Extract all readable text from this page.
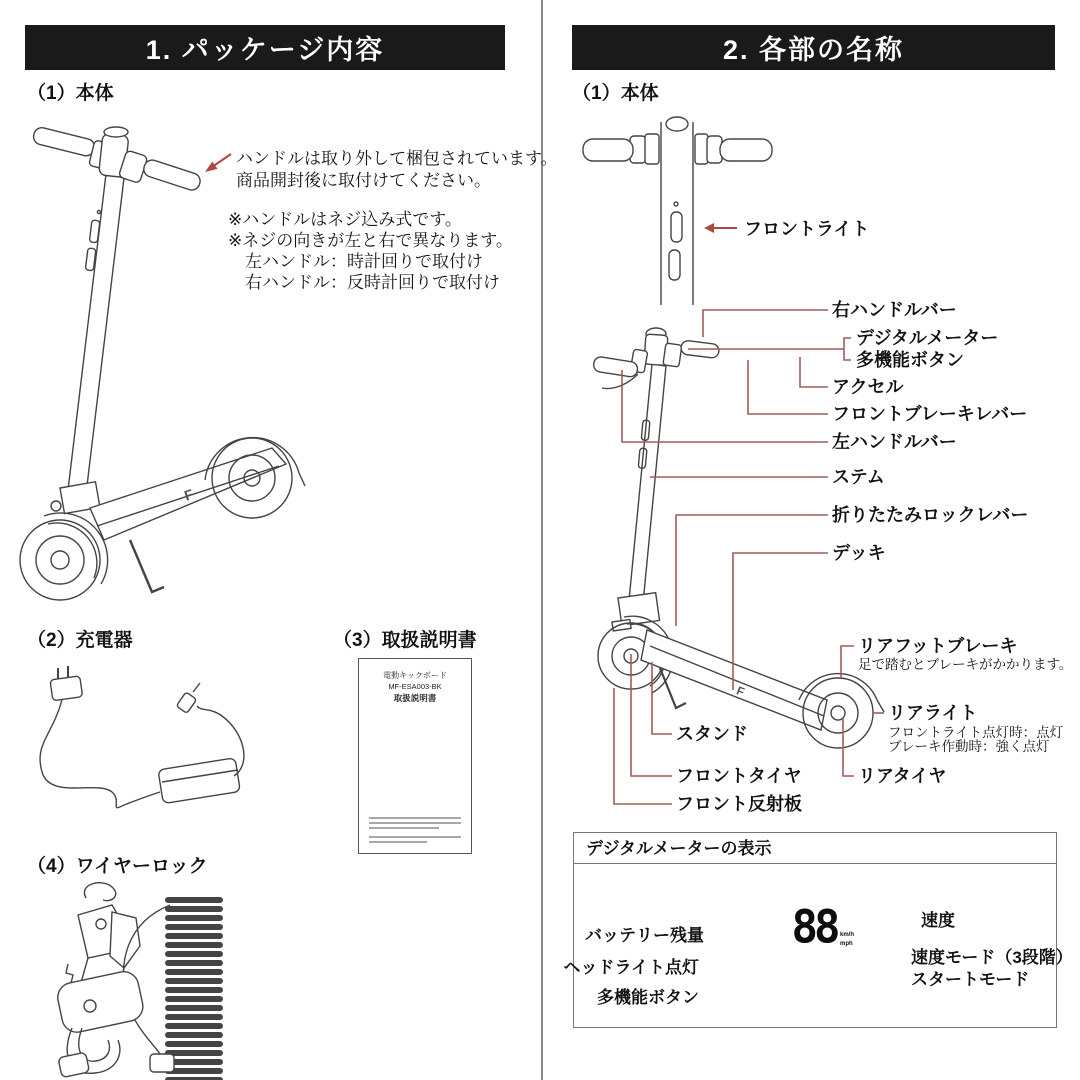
F
F
1. パッケージ内容
（1）本体
ハンドルは取り外して梱包されています。
商品開封後に取付けてください。
※ハンドルはネジ込み式です。
※ネジの向きが左と右で異なります。
左ハンドル：時計回りで取付け
右ハンドル：反時計回りで取付け
（2）充電器	（3）取扱説明書
（4）ワイヤーロック
電動キックボード
MF-ESA003-BK
取扱説明書
2. 各部の名称
（1）本体
フロントライト
右ハンドルバー
デジタルメーター
多機能ボタン
アクセル
フロントブレーキレバー
左ハンドルバー
ステム
折りたたみロックレバー
デッキ
リアフットブレーキ
足で踏むとブレーキがかかります。
リアライト
フロントライト点灯時：点灯
ブレーキ作動時：強く点灯
スタンド
フロントタイヤ	リアタイヤ
フロント反射板
デジタルメーターの表示
88 km/h
mph
バッテリー残量
ヘッドライト点灯
多機能ボタン
速度
速度モード（3段階）
スタートモード
